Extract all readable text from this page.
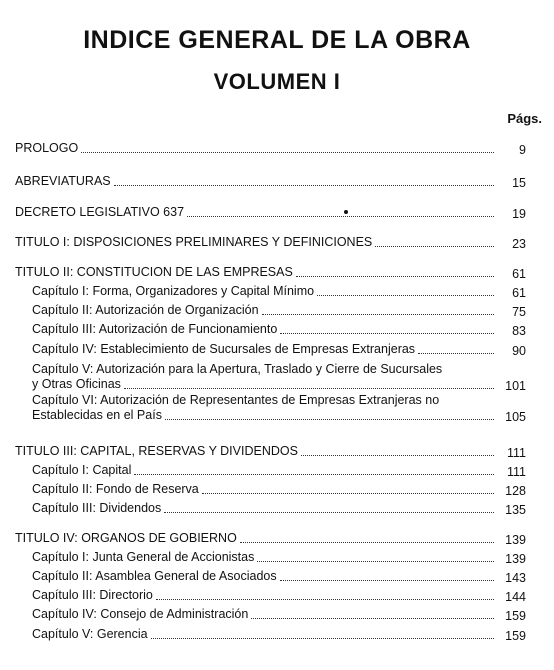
INDICE GENERAL DE LA OBRA
VOLUMEN I
Págs.
PROLOGO	9
ABREVIATURAS	15
DECRETO LEGISLATIVO 637	19
TITULO I: DISPOSICIONES PRELIMINARES Y DEFINICIONES	23
TITULO II: CONSTITUCION DE LAS EMPRESAS	61
Capítulo I: Forma, Organizadores y Capital Mínimo	61
Capítulo II: Autorización de Organización	75
Capítulo III: Autorización de Funcionamiento	83
Capítulo IV: Establecimiento de Sucursales de Empresas Extranjeras	90
Capítulo V: Autorización para la Apertura, Traslado y Cierre de Sucursales
y Otras Oficinas	101
Capítulo VI: Autorización de Representantes de Empresas Extranjeras no
Establecidas en el País	105
TITULO III: CAPITAL, RESERVAS Y DIVIDENDOS	111
Capítulo I: Capital	111
Capítulo II: Fondo de Reserva	128
Capítulo III: Dividendos	135
TITULO IV: ORGANOS DE GOBIERNO	139
Capítulo I: Junta General de Accionistas	139
Capítulo II: Asamblea General de Asociados	143
Capítulo III: Directorio	144
Capítulo IV: Consejo de Administración	159
Capítulo V: Gerencia	159
